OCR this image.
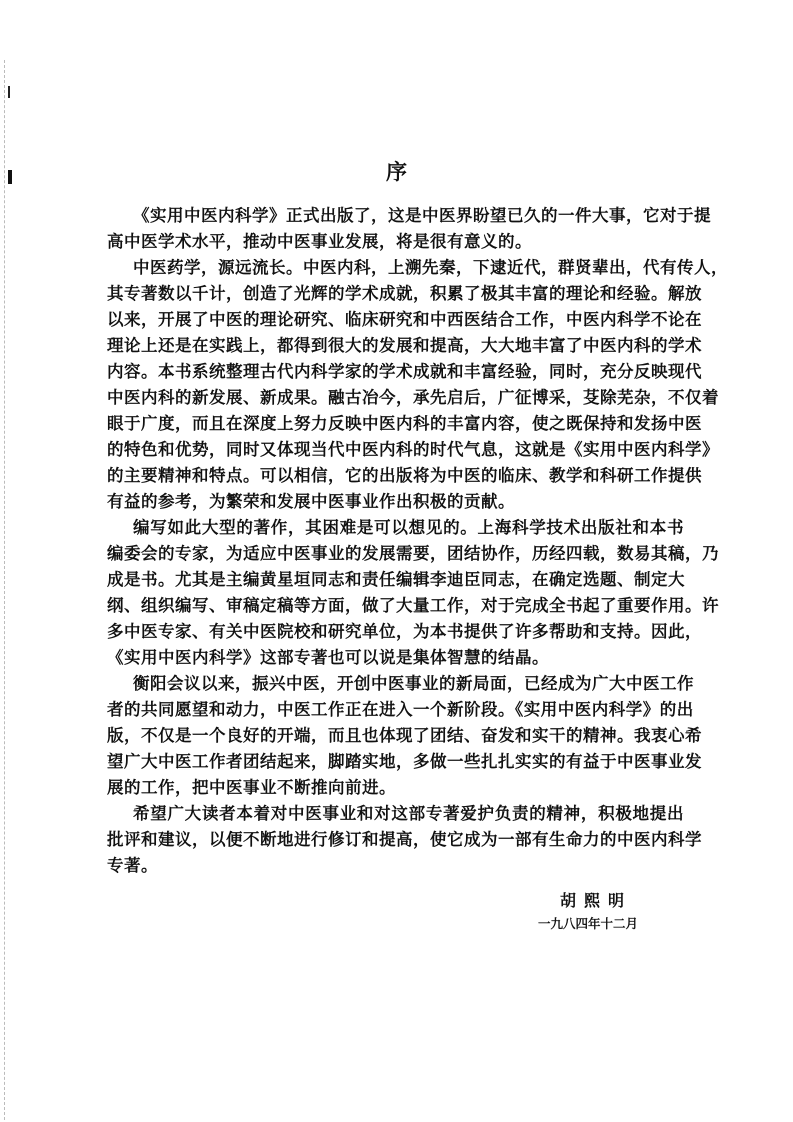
序
《实用中医内科学》正式出版了，这是中医界盼望已久的一件大事，它对于提
高中医学术水平，推动中医事业发展，将是很有意义的。
中医药学，源远流长。中医内科，上溯先秦，下逮近代，群贤辈出，代有传人，
其专著数以千计，创造了光辉的学术成就，积累了极其丰富的理论和经验。解放
以来，开展了中医的理论研究、临床研究和中西医结合工作，中医内科学不论在
理论上还是在实践上，都得到很大的发展和提高，大大地丰富了中医内科的学术
内容。本书系统整理古代内科学家的学术成就和丰富经验，同时，充分反映现代
中医内科的新发展、新成果。融古冶今，承先启后，广征博采，芟除芜杂，不仅着
眼于广度，而且在深度上努力反映中医内科的丰富内容，使之既保持和发扬中医
的特色和优势，同时又体现当代中医内科的时代气息，这就是《实用中医内科学》
的主要精神和特点。可以相信，它的出版将为中医的临床、教学和科研工作提供
有益的参考，为繁荣和发展中医事业作出积极的贡献。
编写如此大型的著作，其困难是可以想见的。上海科学技术出版社和本书
编委会的专家，为适应中医事业的发展需要，团结协作，历经四载，数易其稿，乃
成是书。尤其是主编黄星垣同志和责任编辑李迪臣同志，在确定选题、制定大
纲、组织编写、审稿定稿等方面，做了大量工作，对于完成全书起了重要作用。许
多中医专家、有关中医院校和研究单位，为本书提供了许多帮助和支持。因此，
《实用中医内科学》这部专著也可以说是集体智慧的结晶。
衡阳会议以来，振兴中医，开创中医事业的新局面，已经成为广大中医工作
者的共同愿望和动力，中医工作正在进入一个新阶段。《实用中医内科学》的出
版，不仅是一个良好的开端，而且也体现了团结、奋发和实干的精神。我衷心希
望广大中医工作者团结起来，脚踏实地，多做一些扎扎实实的有益于中医事业发
展的工作，把中医事业不断推向前进。
希望广大读者本着对中医事业和对这部专著爱护负责的精神，积极地提出
批评和建议，以便不断地进行修订和提高，使它成为一部有生命力的中医内科学
专著。
胡熙明
一九八四年十二月
